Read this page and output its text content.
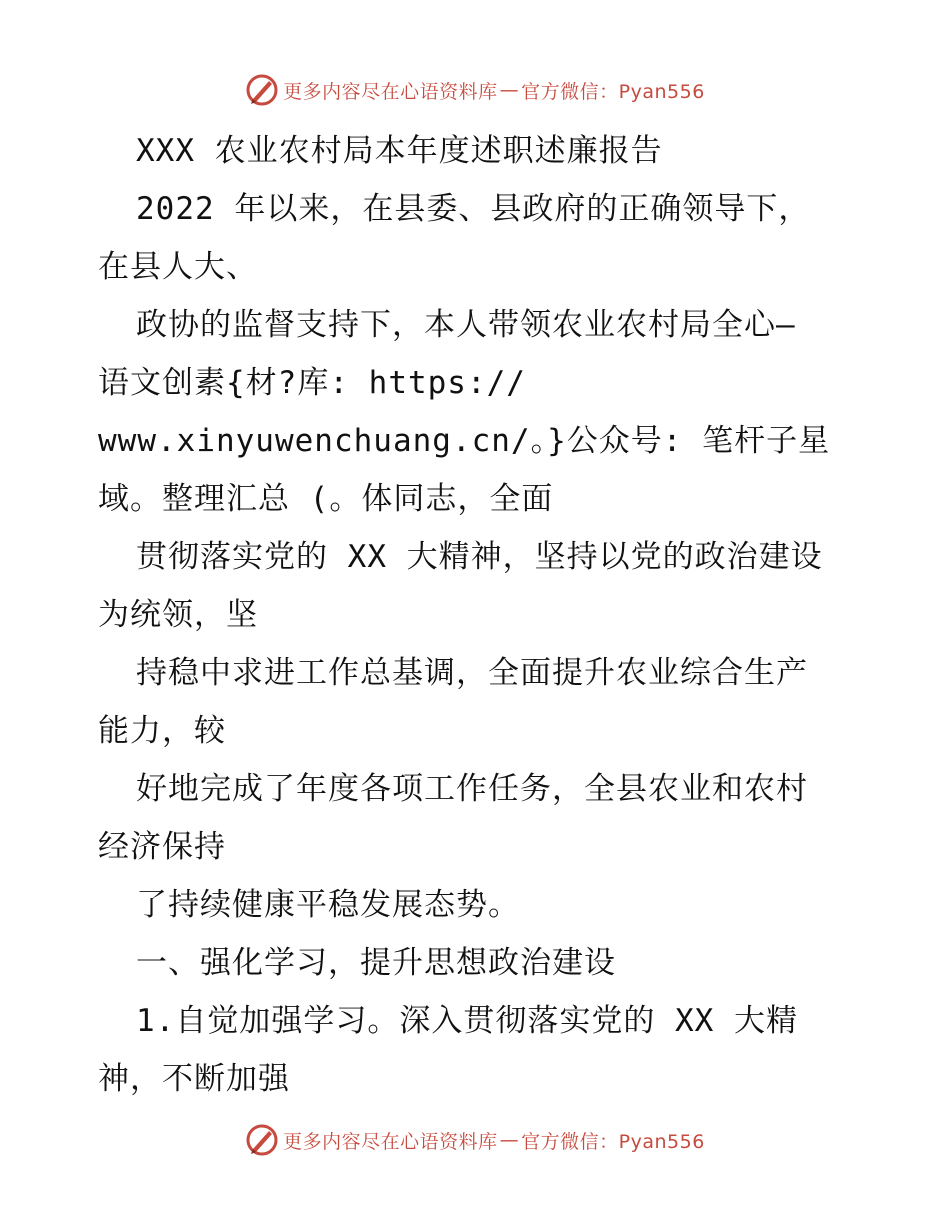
更多内容尽在心语资料库 — 官方微信：Pyan556
XXX 农业农村局本年度述职述廉报告
2022 年以来，在县委、县政府的正确领导下，
在县人大、
政协的监督支持下，本人带领农业农村局全心—
语文创素{材?库: https://
www.xinyuwenchuang.cn/。}公众号: 笔杆子星
域。整理汇总 (。体同志，全面
贯彻落实党的 XX 大精神，坚持以党的政治建设
为统领，坚
持稳中求进工作总基调，全面提升农业综合生产
能力，较
好地完成了年度各项工作任务，全县农业和农村
经济保持
了持续健康平稳发展态势。
一、强化学习，提升思想政治建设
1.自觉加强学习。深入贯彻落实党的 XX 大精
神，不断加强
更多内容尽在心语资料库 — 官方微信：Pyan556
